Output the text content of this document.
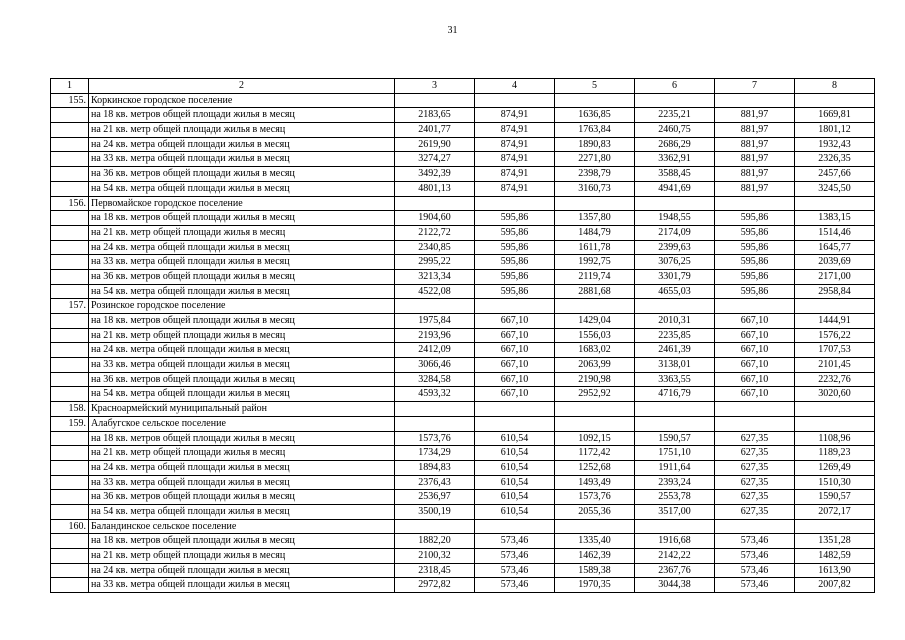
31
1	2	3	4	5	6	7	8
155.	Коркинское городское поселение						
	на 18 кв. метров общей площади жилья в месяц	2183,65	874,91	1636,85	2235,21	881,97	1669,81
	на 21 кв. метр общей площади жилья в месяц	2401,77	874,91	1763,84	2460,75	881,97	1801,12
	на 24 кв. метра общей площади жилья в месяц	2619,90	874,91	1890,83	2686,29	881,97	1932,43
	на 33 кв. метра общей площади жилья в месяц	3274,27	874,91	2271,80	3362,91	881,97	2326,35
	на 36 кв. метров общей площади жилья в месяц	3492,39	874,91	2398,79	3588,45	881,97	2457,66
	на 54 кв. метра общей площади жилья в месяц	4801,13	874,91	3160,73	4941,69	881,97	3245,50
156.	Первомайское городское поселение						
	на 18 кв. метров общей площади жилья в месяц	1904,60	595,86	1357,80	1948,55	595,86	1383,15
	на 21 кв. метр общей площади жилья в месяц	2122,72	595,86	1484,79	2174,09	595,86	1514,46
	на 24 кв. метра общей площади жилья в месяц	2340,85	595,86	1611,78	2399,63	595,86	1645,77
	на 33 кв. метра общей площади жилья в месяц	2995,22	595,86	1992,75	3076,25	595,86	2039,69
	на 36 кв. метров общей площади жилья в месяц	3213,34	595,86	2119,74	3301,79	595,86	2171,00
	на 54 кв. метра общей площади жилья в месяц	4522,08	595,86	2881,68	4655,03	595,86	2958,84
157.	Розинское городское поселение						
	на 18 кв. метров общей площади жилья в месяц	1975,84	667,10	1429,04	2010,31	667,10	1444,91
	на 21 кв. метр общей площади жилья в месяц	2193,96	667,10	1556,03	2235,85	667,10	1576,22
	на 24 кв. метра общей площади жилья в месяц	2412,09	667,10	1683,02	2461,39	667,10	1707,53
	на 33 кв. метра общей площади жилья в месяц	3066,46	667,10	2063,99	3138,01	667,10	2101,45
	на 36 кв. метров общей площади жилья в месяц	3284,58	667,10	2190,98	3363,55	667,10	2232,76
	на 54 кв. метра общей площади жилья в месяц	4593,32	667,10	2952,92	4716,79	667,10	3020,60
158.	Красноармейский муниципальный район						
159.	Алабугское сельское поселение						
	на 18 кв. метров общей площади жилья в месяц	1573,76	610,54	1092,15	1590,57	627,35	1108,96
	на 21 кв. метр общей площади жилья в месяц	1734,29	610,54	1172,42	1751,10	627,35	1189,23
	на 24 кв. метра общей площади жилья в месяц	1894,83	610,54	1252,68	1911,64	627,35	1269,49
	на 33 кв. метра общей площади жилья в месяц	2376,43	610,54	1493,49	2393,24	627,35	1510,30
	на 36 кв. метров общей площади жилья в месяц	2536,97	610,54	1573,76	2553,78	627,35	1590,57
	на 54 кв. метра общей площади жилья в месяц	3500,19	610,54	2055,36	3517,00	627,35	2072,17
160.	Баландинское сельское поселение						
	на 18 кв. метров общей площади жилья в месяц	1882,20	573,46	1335,40	1916,68	573,46	1351,28
	на 21 кв. метр общей площади жилья в месяц	2100,32	573,46	1462,39	2142,22	573,46	1482,59
	на 24 кв. метра общей площади жилья в месяц	2318,45	573,46	1589,38	2367,76	573,46	1613,90
	на 33 кв. метра общей площади жилья в месяц	2972,82	573,46	1970,35	3044,38	573,46	2007,82
